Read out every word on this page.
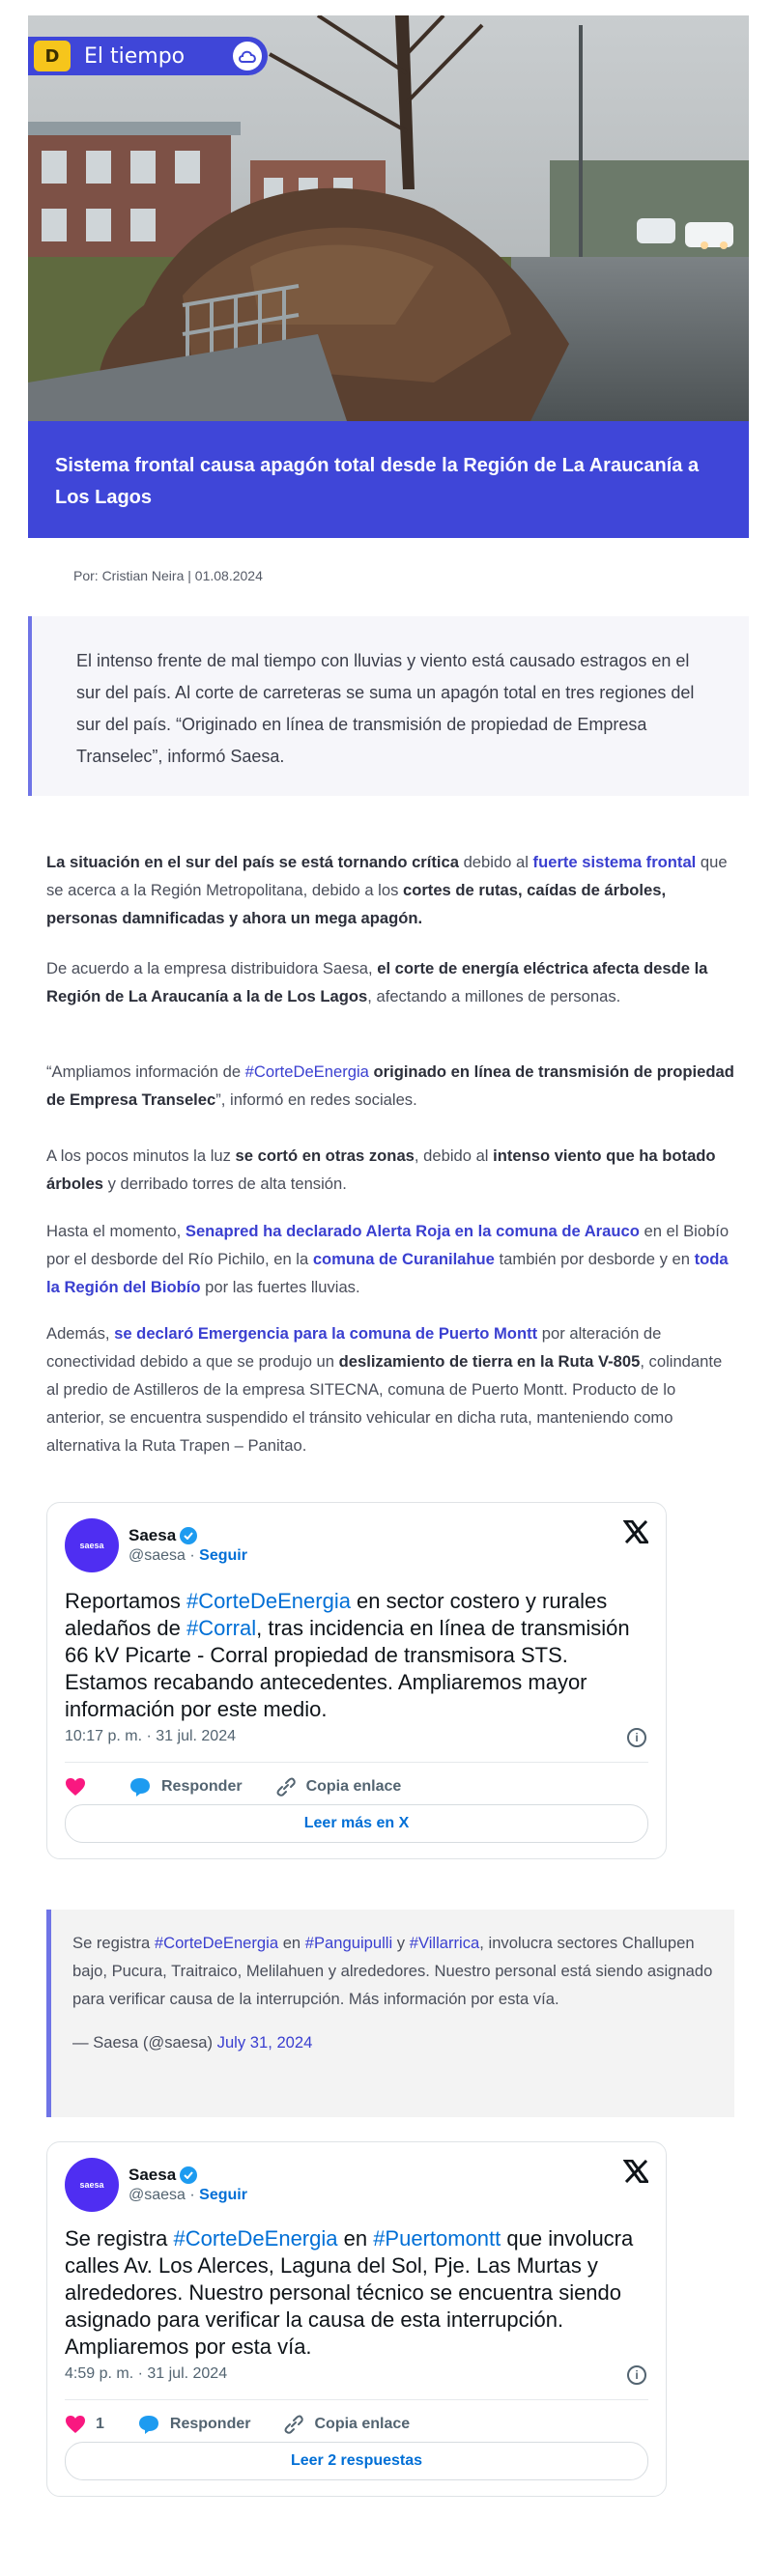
D	El tiempo
Sistema frontal causa apagón total desde la Región de La Araucanía a Los Lagos
Por: Cristian Neira | 01.08.2024
El intenso frente de mal tiempo con lluvias y viento está causado estragos en el sur del país. Al corte de carreteras se suma un apagón total en tres regiones del sur del país. “Originado en línea de transmisión de propiedad de Empresa Transelec”, informó Saesa.

La situación en el sur del país se está tornando crítica debido al fuerte sistema frontal que se acerca a la Región Metropolitana, debido a los cortes de rutas, caídas de árboles, personas damnificadas y ahora un mega apagón.

De acuerdo a la empresa distribuidora Saesa, el corte de energía eléctrica afecta desde la Región de La Araucanía a la de Los Lagos, afectando a millones de personas.

“Ampliamos información de #CorteDeEnergia originado en línea de transmisión de propiedad de Empresa Transelec”, informó en redes sociales.

A los pocos minutos la luz se cortó en otras zonas, debido al intenso viento que ha botado árboles y derribado torres de alta tensión.

Hasta el momento, Senapred ha declarado Alerta Roja en la comuna de Arauco en el Biobío por el desborde del Río Pichilo, en la comuna de Curanilahue también por desborde y en toda la Región del Biobío por las fuertes lluvias.

Además, se declaró Emergencia para la comuna de Puerto Montt por alteración de conectividad debido a que se produjo un deslizamiento de tierra en la Ruta V-805, colindante al predio de Astilleros de la empresa SITECNA, comuna de Puerto Montt. Producto de lo anterior, se encuentra suspendido el tránsito vehicular en dicha ruta, manteniendo como alternativa la Ruta Trapen – Panitao.

saesa
Saesa
@saesa · Seguir
Reportamos #CorteDeEnergia en sector costero y rurales aledaños de #Corral, tras incidencia en línea de transmisión 66 kV Picarte - Corral propiedad de transmisora STS. Estamos recabando antecedentes. Ampliaremos mayor información por este medio.
10:17 p. m. · 31 jul. 2024	i
Responder	Copia enlace
Leer más en X
Se registra #CorteDeEnergia en #Panguipulli y #Villarrica, involucra sectores Challupen bajo, Pucura, Traitraico, Melilahuen y alrededores. Nuestro personal está siendo asignado para verificar causa de la interrupción. Más información por esta vía.
— Saesa (@saesa) July 31, 2024
saesa
Saesa
@saesa · Seguir
Se registra #CorteDeEnergia en #Puertomontt que involucra calles Av. Los Alerces, Laguna del Sol, Pje. Las Murtas y alrededores. Nuestro personal técnico se encuentra siendo asignado para verificar la causa de esta interrupción. Ampliaremos por esta vía.
4:59 p. m. · 31 jul. 2024	i
1	Responder	Copia enlace
Leer 2 respuestas
